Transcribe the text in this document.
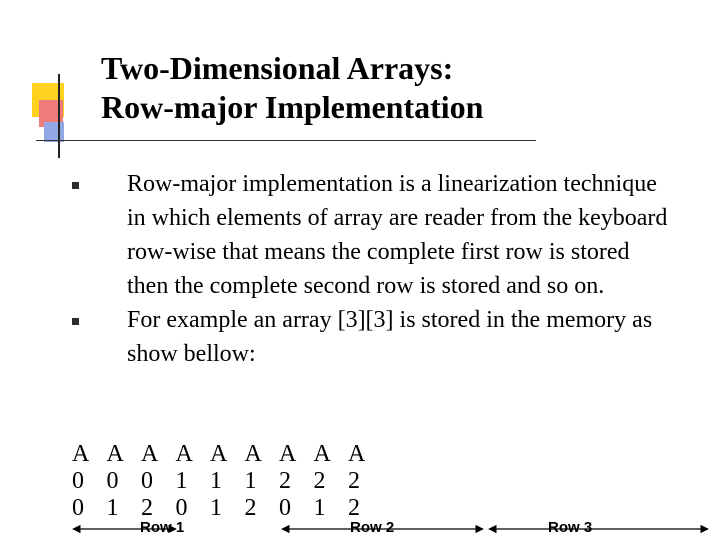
Two-Dimensional Arrays:
Row-major Implementation
Row-major implementation is a linearization technique in which elements of array are reader from the keyboard row-wise that means the complete first row is stored then the complete second row is stored and so on.
For example an array [3][3] is stored in the memory as show bellow:
A	A	A	A	A	A	A	A	A
0	0	0	1	1	1	2	2	2
0	1	2	0	1	2	0	1	2
Row 1	Row 2	Row 3
